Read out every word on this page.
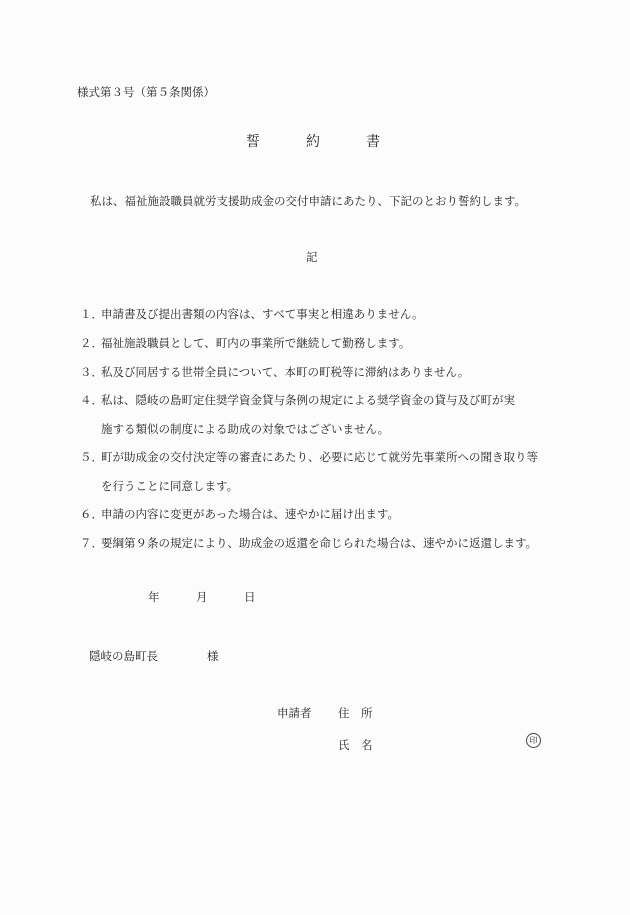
様式第３号（第５条関係）
誓	約	書
私は、福祉施設職員就労支援助成金の交付申請にあたり、下記のとおり誓約します。
記
１．申請書及び提出書類の内容は、すべて事実と相違ありません。
２．福祉施設職員として、町内の事業所で継続して勤務します。
３．私及び同居する世帯全員について、本町の町税等に滞納はありません。
４．私は、隠岐の島町定住奨学資金貸与条例の規定による奨学資金の貸与及び町が実
施する類似の制度による助成の対象ではございません。
５．町が助成金の交付決定等の審査にあたり、必要に応じて就労先事業所への聞き取り等
を行うことに同意します。
６．申請の内容に変更があった場合は、速やかに届け出ます。
７．要綱第９条の規定により、助成金の返還を命じられた場合は、速やかに返還します。
年	月	日
隠岐の島町長	様
申請者 住　所
氏　名	印
